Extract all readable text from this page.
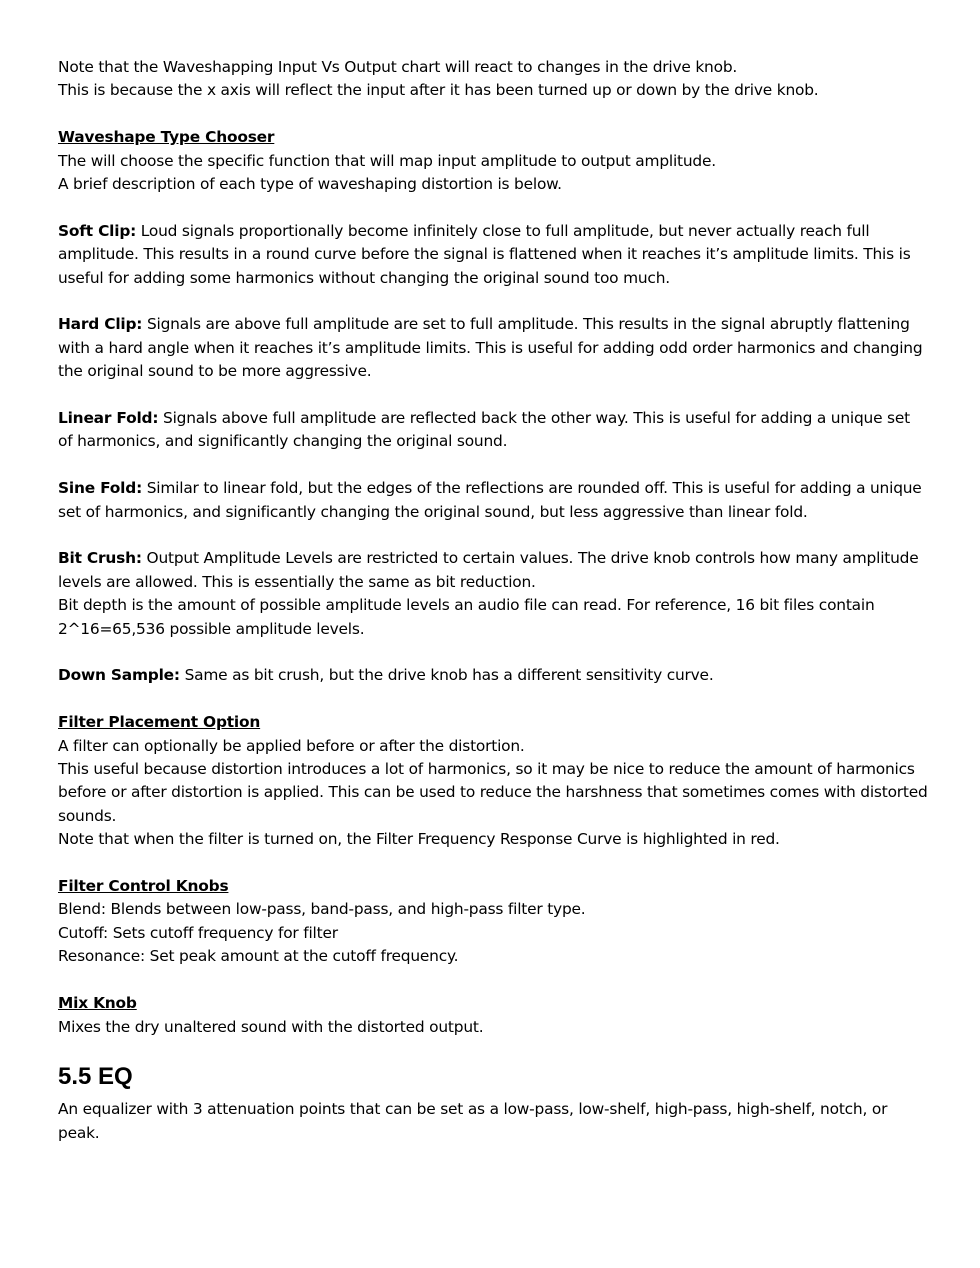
Note that the Waveshapping Input Vs Output chart will react to changes in the drive knob.
This is because the x axis will reflect the input after it has been turned up or down by the drive knob.

Waveshape Type Chooser
The will choose the specific function that will map input amplitude to output amplitude.
A brief description of each type of waveshaping distortion is below.

Soft Clip: Loud signals proportionally become infinitely close to full amplitude, but never actually reach full amplitude. This results in a round curve before the signal is flattened when it reaches it’s amplitude limits. This is useful for adding some harmonics without changing the original sound too much.

Hard Clip: Signals are above full amplitude are set to full amplitude. This results in the signal abruptly flattening with a hard angle when it reaches it’s amplitude limits. This is useful for adding odd order harmonics and changing the original sound to be more aggressive.

Linear Fold: Signals above full amplitude are reflected back the other way. This is useful for adding a unique set of harmonics, and significantly changing the original sound.

Sine Fold: Similar to linear fold, but the edges of the reflections are rounded off. This is useful for adding a unique set of harmonics, and significantly changing the original sound, but less aggressive than linear fold.

Bit Crush: Output Amplitude Levels are restricted to certain values. The drive knob controls how many amplitude levels are allowed. This is essentially the same as bit reduction.
Bit depth is the amount of possible amplitude levels an audio file can read. For reference, 16 bit files contain 2^16=65,536 possible amplitude levels.

Down Sample: Same as bit crush, but the drive knob has a different sensitivity curve.

Filter Placement Option
A filter can optionally be applied before or after the distortion.
This useful because distortion introduces a lot of harmonics, so it may be nice to reduce the amount of harmonics before or after distortion is applied. This can be used to reduce the harshness that sometimes comes with distorted sounds.
Note that when the filter is turned on, the Filter Frequency Response Curve is highlighted in red.

Filter Control Knobs
Blend: Blends between low-pass, band-pass, and high-pass filter type.
Cutoff: Sets cutoff frequency for filter
Resonance: Set peak amount at the cutoff frequency.

Mix Knob
Mixes the dry unaltered sound with the distorted output.

5.5 EQ

An equalizer with 3 attenuation points that can be set as a low-pass, low-shelf, high-pass, high-shelf, notch, or peak.
